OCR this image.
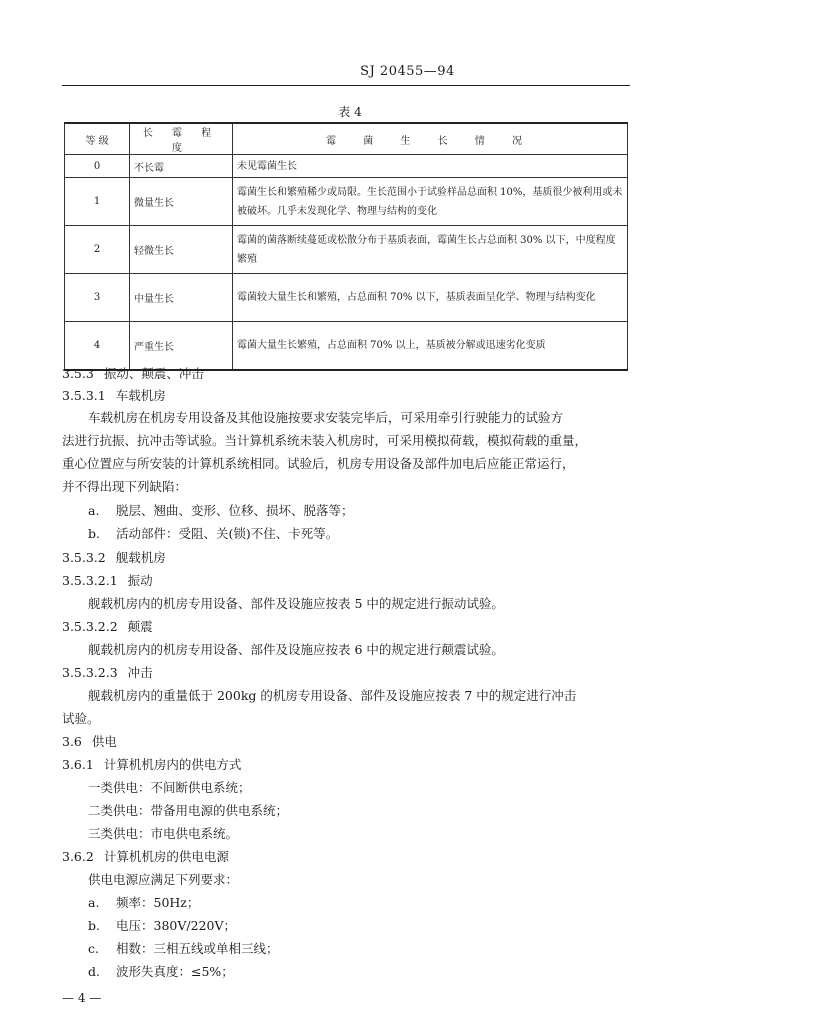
SJ 20455—94
表 4
等 级	长 霉 程 度	霉 菌 生 长 情 况
0	不长霉	未见霉菌生长
1	微量生长	霉菌生长和繁殖稀少或局限。生长范围小于试验样品总面积 10%，基质很少被利用或未被破坏。几乎未发现化学、物理与结构的变化
2	轻微生长	霉菌的菌落断续蔓延或松散分布于基质表面，霉菌生长占总面积 30% 以下，中度程度繁殖
3	中量生长	霉菌较大量生长和繁殖，占总面积 70% 以下，基质表面呈化学、物理与结构变化
4	严重生长	霉菌大量生长繁殖，占总面积 70% 以上，基质被分解或迅速劣化变质
3.5.3 振动、颠震、冲击
3.5.3.1 车载机房
车载机房在机房专用设备及其他设施按要求安装完毕后，可采用牵引行驶能力的试验方
法进行抗振、抗冲击等试验。当计算机系统未装入机房时，可采用模拟荷载，模拟荷载的重量，
重心位置应与所安装的计算机系统相同。试验后，机房专用设备及部件加电后应能正常运行，
并不得出现下列缺陷：
a. 脱层、翘曲、变形、位移、损坏、脱落等；
b. 活动部件：受阻、关(锁)不住、卡死等。
3.5.3.2 舰载机房
3.5.3.2.1 振动
舰载机房内的机房专用设备、部件及设施应按表 5 中的规定进行振动试验。
3.5.3.2.2 颠震
舰载机房内的机房专用设备、部件及设施应按表 6 中的规定进行颠震试验。
3.5.3.2.3 冲击
舰载机房内的重量低于 200kg 的机房专用设备、部件及设施应按表 7 中的规定进行冲击
试验。
3.6 供电
3.6.1 计算机机房内的供电方式
一类供电：不间断供电系统；
二类供电：带备用电源的供电系统；
三类供电：市电供电系统。
3.6.2 计算机机房的供电电源
供电电源应满足下列要求：
a. 频率：50Hz；
b. 电压：380V/220V；
c. 相数：三相五线或单相三线；
d. 波形失真度：≤5%；
— 4 —
